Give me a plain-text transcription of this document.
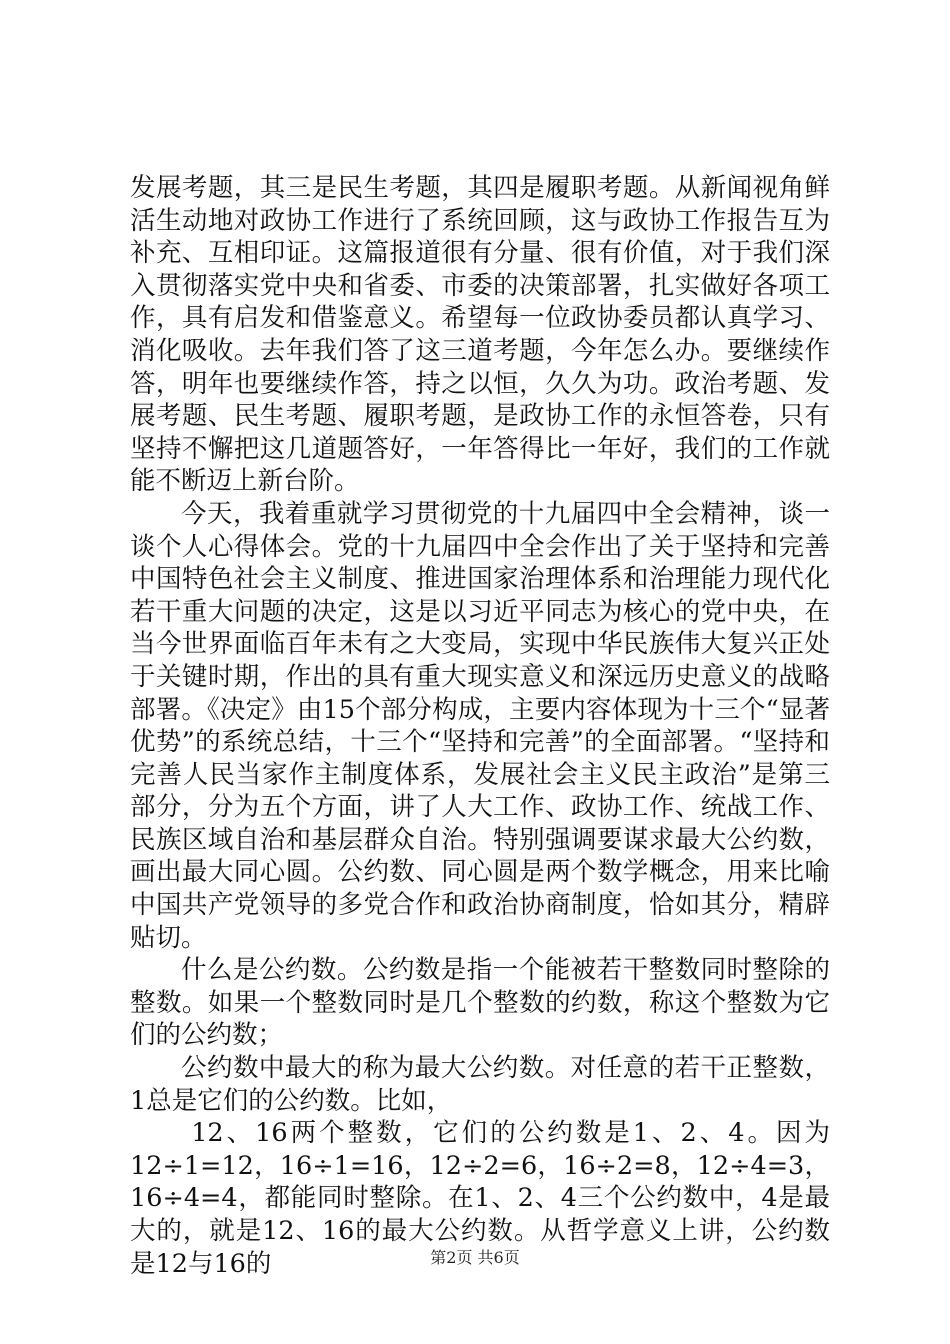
发展考题，其三是民生考题，其四是履职考题。从新闻视角鲜活生动地对政协工作进行了系统回顾，这与政协工作报告互为补充、互相印证。这篇报道很有分量、很有价值，对于我们深入贯彻落实党中央和省委、市委的决策部署，扎实做好各项工作，具有启发和借鉴意义。希望每一位政协委员都认真学习、消化吸收。去年我们答了这三道考题，今年怎么办。要继续作答，明年也要继续作答，持之以恒，久久为功。政治考题、发展考题、民生考题、履职考题，是政协工作的永恒答卷，只有坚持不懈把这几道题答好，一年答得比一年好，我们的工作就能不断迈上新台阶。

今天，我着重就学习贯彻党的十九届四中全会精神，谈一谈个人心得体会。党的十九届四中全会作出了关于坚持和完善中国特色社会主义制度、推进国家治理体系和治理能力现代化若干重大问题的决定，这是以习近平同志为核心的党中央，在当今世界面临百年未有之大变局，实现中华民族伟大复兴正处于关键时期，作出的具有重大现实意义和深远历史意义的战略部署。《决定》由15个部分构成，主要内容体现为十三个“显著优势”的系统总结，十三个“坚持和完善”的全面部署。“坚持和完善人民当家作主制度体系，发展社会主义民主政治”是第三部分，分为五个方面，讲了人大工作、政协工作、统战工作、民族区域自治和基层群众自治。特别强调要谋求最大公约数，画出最大同心圆。公约数、同心圆是两个数学概念，用来比喻中国共产党领导的多党合作和政治协商制度，恰如其分，精辟贴切。

什么是公约数。公约数是指一个能被若干整数同时整除的整数。如果一个整数同时是几个整数的约数，称这个整数为它们的公约数；

公约数中最大的称为最大公约数。对任意的若干正整数，1总是它们的公约数。比如，

12、16两个整数，它们的公约数是1、2、4。因为12÷1=12，16÷1=16，12÷2=6，16÷2=8，12÷4=3，16÷4=4，都能同时整除。在1、2、4三个公约数中，4是最大的，就是12、16的最大公约数。从哲学意义上讲，公约数是12与16的	第2页 共6页
